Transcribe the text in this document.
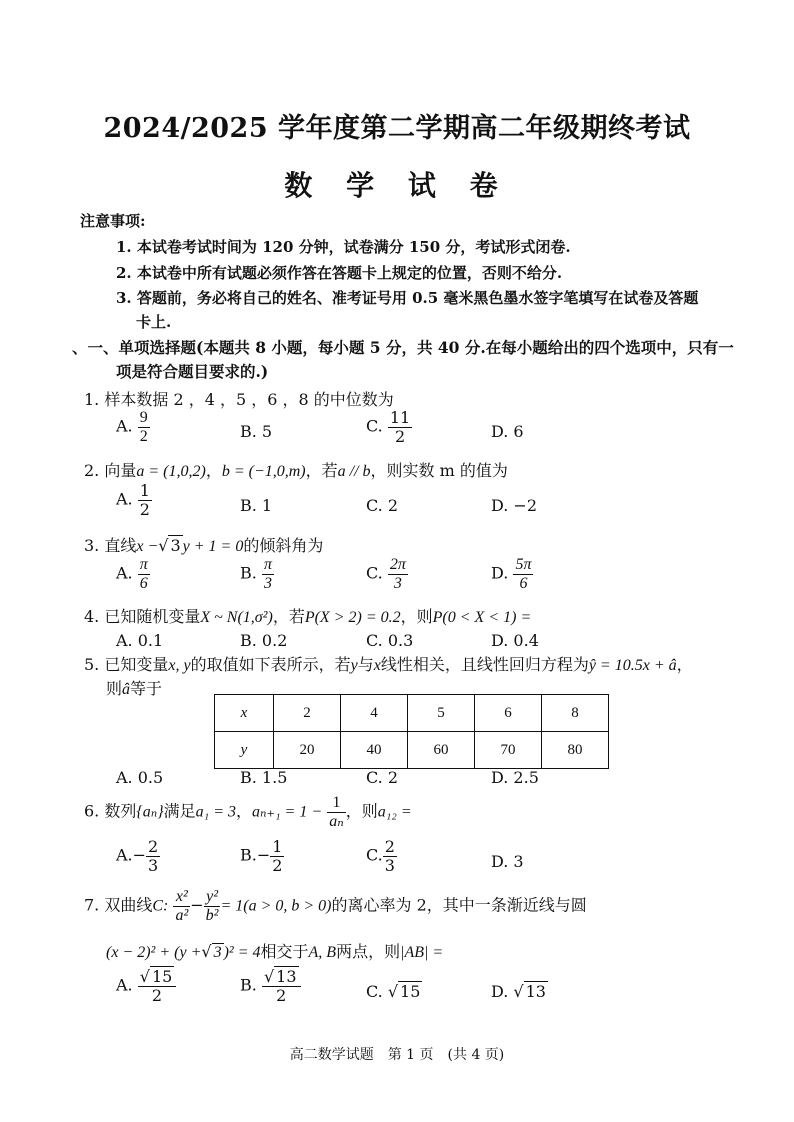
2024/2025 学年度第二学期高二年级期终考试
数 学 试 卷
注意事项:
1. 本试卷考试时间为 120 分钟，试卷满分 150 分，考试形式闭卷.
2. 本试卷中所有试题必须作答在答题卡上规定的位置，否则不给分.
3. 答题前，务必将自己的姓名、准考证号用 0.5 毫米黑色墨水签字笔填写在试卷及答题
卡上.
、一、单项选择题(本题共 8 小题，每小题 5 分，共 40 分.在每小题给出的四个选项中，只有一
项是符合题目要求的.)
1. 样本数据 2 ，4 ，5 ，6 ，8 的中位数为
A. $\frac{9}{2}$	B. 5	C. $\frac{11}{2}$	D. 6
2. 向量a = (1,0,2)，b = (−1,0,m)，若a // b，则实数 m 的值为
A. $\frac{1}{2}$	B. 1	C. 2	D. −2
3. 直线x −√ 3 y + 1 = 0的倾斜角为
A. $\frac{\pi}{6}$	B. $\frac{\pi}{3}$	C. $\frac{2\pi}{3}$	D. $\frac{5\pi}{6}$
4. 已知随机变量X ~ N(1,σ²)，若P(X > 2) = 0.2，则P(0 < X < 1) =
A. 0.1	B. 0.2	C. 0.3	D. 0.4
5. 已知变量x, y的取值如下表所示，若y与x线性相关，且线性回归方程为ŷ = 10.5x + â，
则â等于
x	2	4	5	6	8
y	20	40	60	70	80
A. 0.5	B. 1.5	C. 2	D. 2.5
6. 数列{aₙ}满足a₁ = 3，$a_{n+1} = 1 - \frac{1}{\text{aₙ}}$ ，则a₁₂ =
$A.- \frac{2}{3}$	$B.- \frac{1}{2}$	C. $\frac{2}{3}$	D. 3
7. 双曲线C: $\frac{\text{x²}}{\text{a²}} - \frac{\text{y²}}{\text{b²}} = 1(a > 0$, b > 0)的离心率为 2，其中一条渐近线与圆
(x − 2)² + (y +√ 3 )² = 4相交于A, B两点，则|AB| =
A. $\frac{√ 15}{2}$	B. $\frac{√ 13}{2}$	C. √ 15	D. √ 13
高二数学试题　第 1 页　(共 4 页)
